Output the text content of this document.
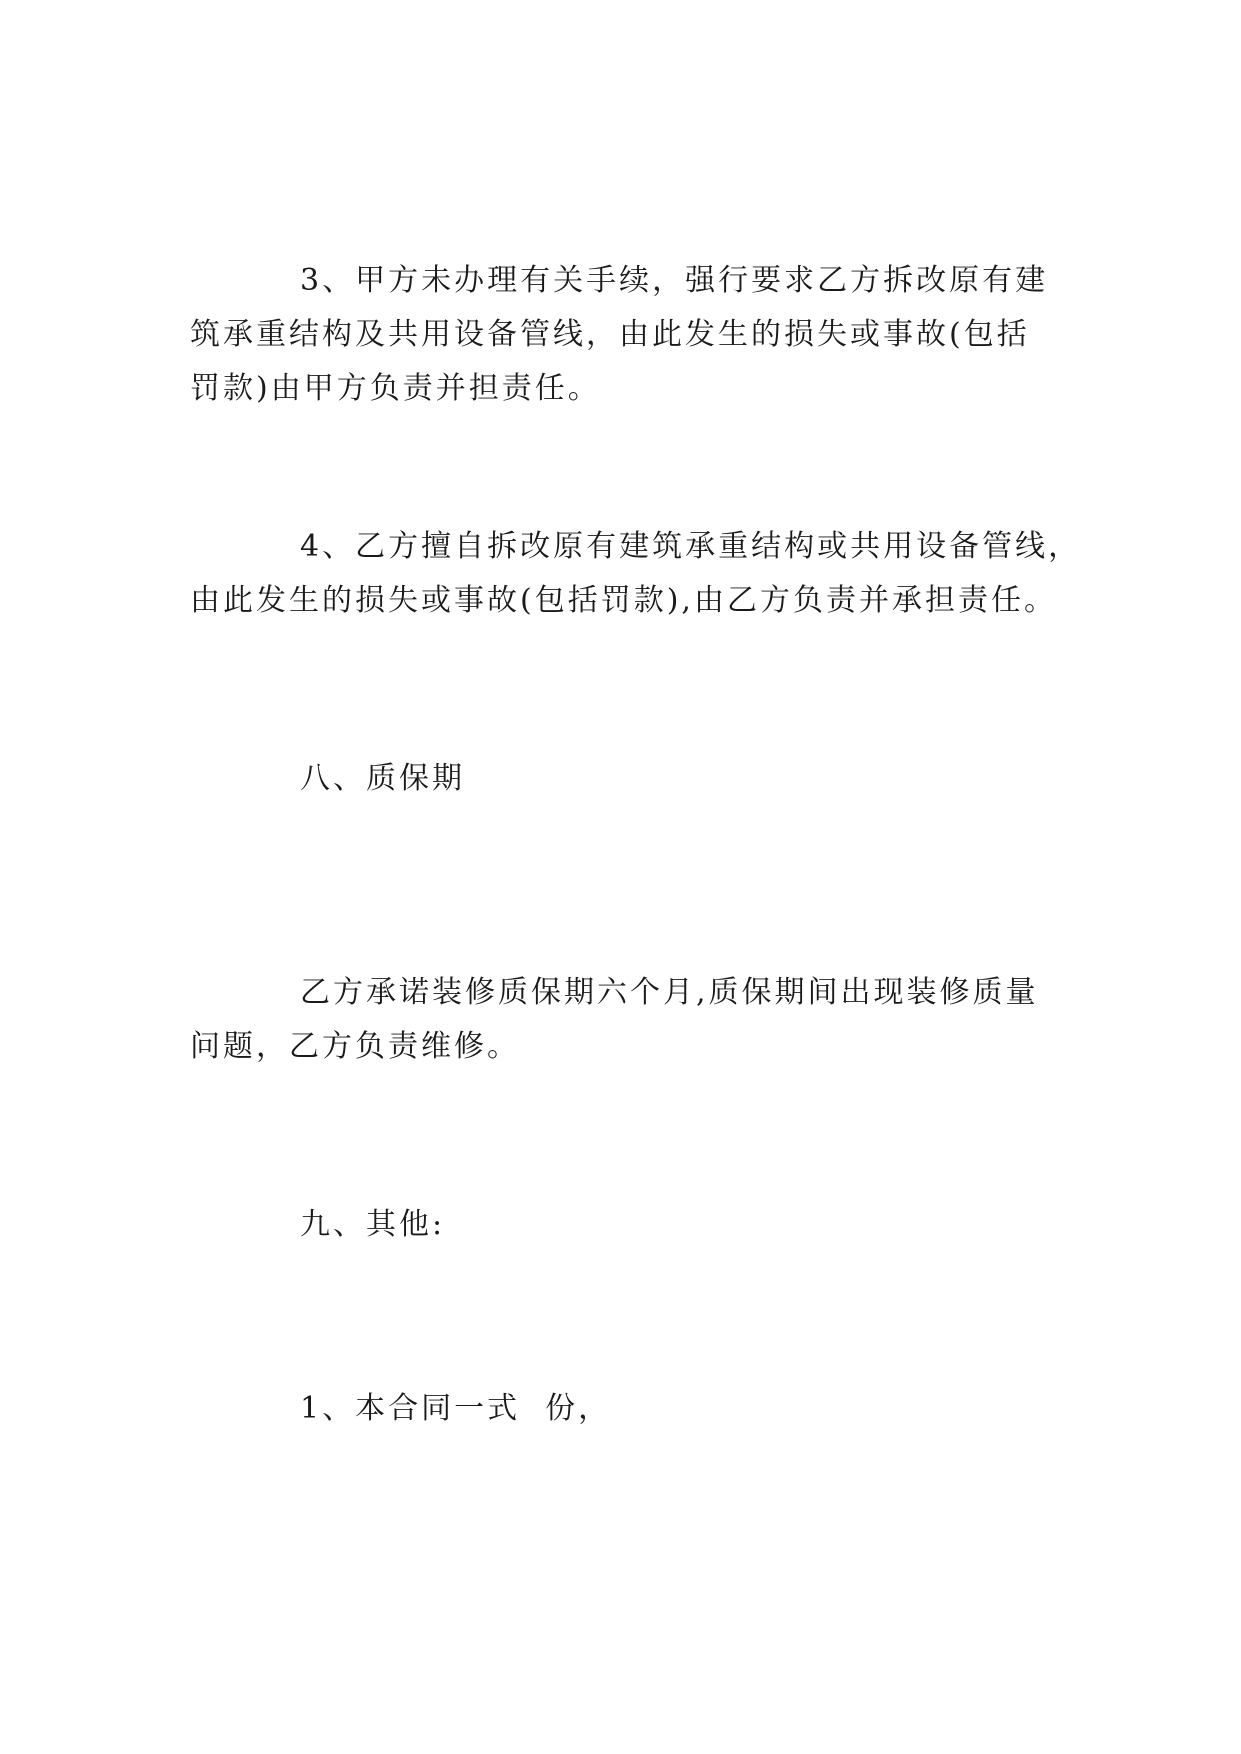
3、甲方未办理有关手续，强行要求乙方拆改原有建
筑承重结构及共用设备管线，由此发生的损失或事故(包括
罚款)由甲方负责并担责任。
4、乙方擅自拆改原有建筑承重结构或共用设备管线，
由此发生的损失或事故(包括罚款),由乙方负责并承担责任。
八、质保期
乙方承诺装修质保期六个月,质保期间出现装修质量
问题，乙方负责维修。
九、其他:
1、本合同一式  份，
